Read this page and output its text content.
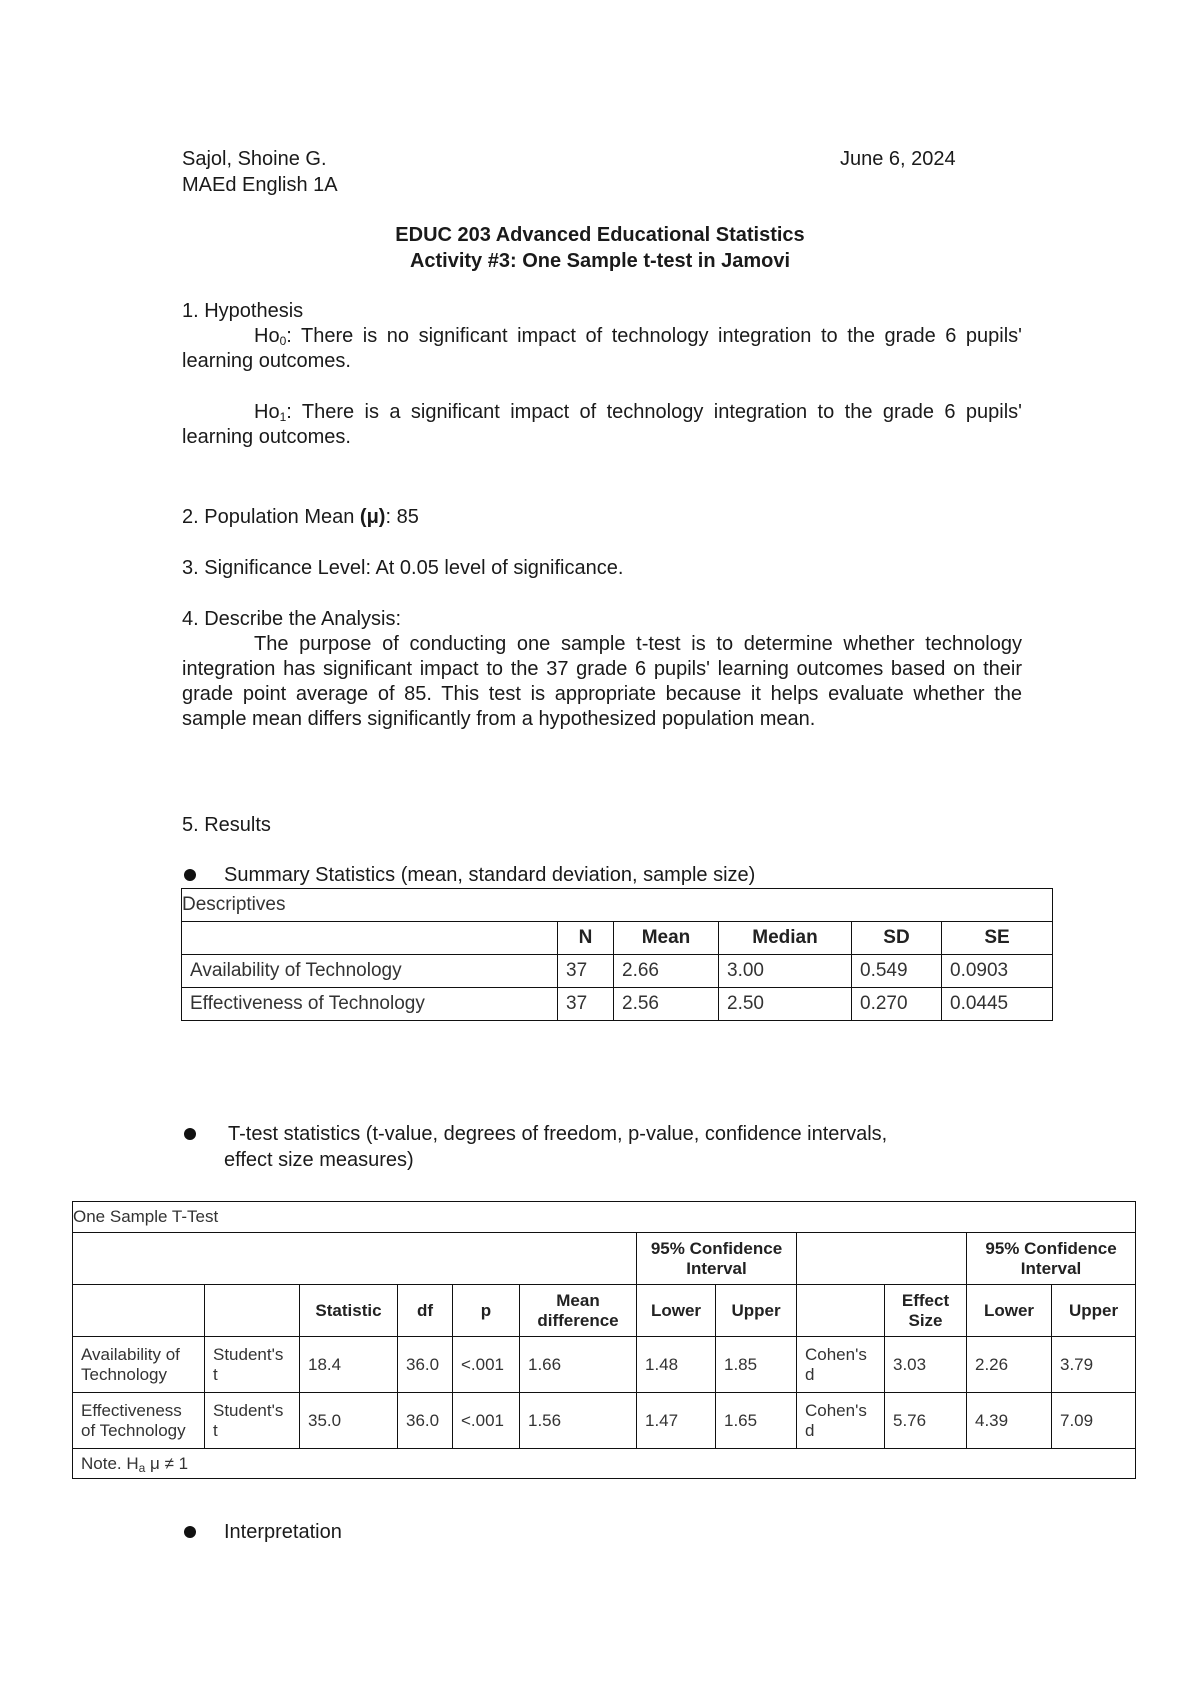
Sajol, Shoine G.	June 6, 2024
MAEd English 1A
EDUC 203 Advanced Educational Statistics
Activity #3: One Sample t-test in Jamovi
1. Hypothesis
$Ho_0$: There is no significant impact of technology integration to the grade 6 pupils' learning outcomes.
$Ho_1$: There is a significant impact of technology integration to the grade 6 pupils' learning outcomes.
2. Population Mean (μ): 85
3. Significance Level: At 0.05 level of significance.
4. Describe the Analysis:
The purpose of conducting one sample t-test is to determine whether technology integration has significant impact to the 37 grade 6 pupils' learning outcomes based on their grade point average of 85. This test is appropriate because it helps evaluate whether the sample mean differs significantly from a hypothesized population mean.
5. Results
Summary Statistics (mean, standard deviation, sample size)
Descriptives					
	N	Mean	Median	SD	SE
Availability of Technology	37	2.66	3.00	0.549	0.0903
Effectiveness of Technology	37	2.56	2.50	0.270	0.0445
T-test statistics (t-value, degrees of freedom, p-value, confidence intervals,
effect size measures)
One Sample T-Test											
						95% Confidence Interval				95% Confidence Interval	
		Statistic	df	p	Mean difference	Lower	Upper		Effect Size	Lower	Upper
Availability of Technology	Student's t	18.4	36.0	<.001	1.66	1.48	1.85	Cohen's d	3.03	2.26	3.79
Effectiveness of Technology	Student's t	35.0	36.0	<.001	1.56	1.47	1.65	Cohen's d	5.76	4.39	7.09
Note. $H_a$ μ ≠ 1											
Interpretation
